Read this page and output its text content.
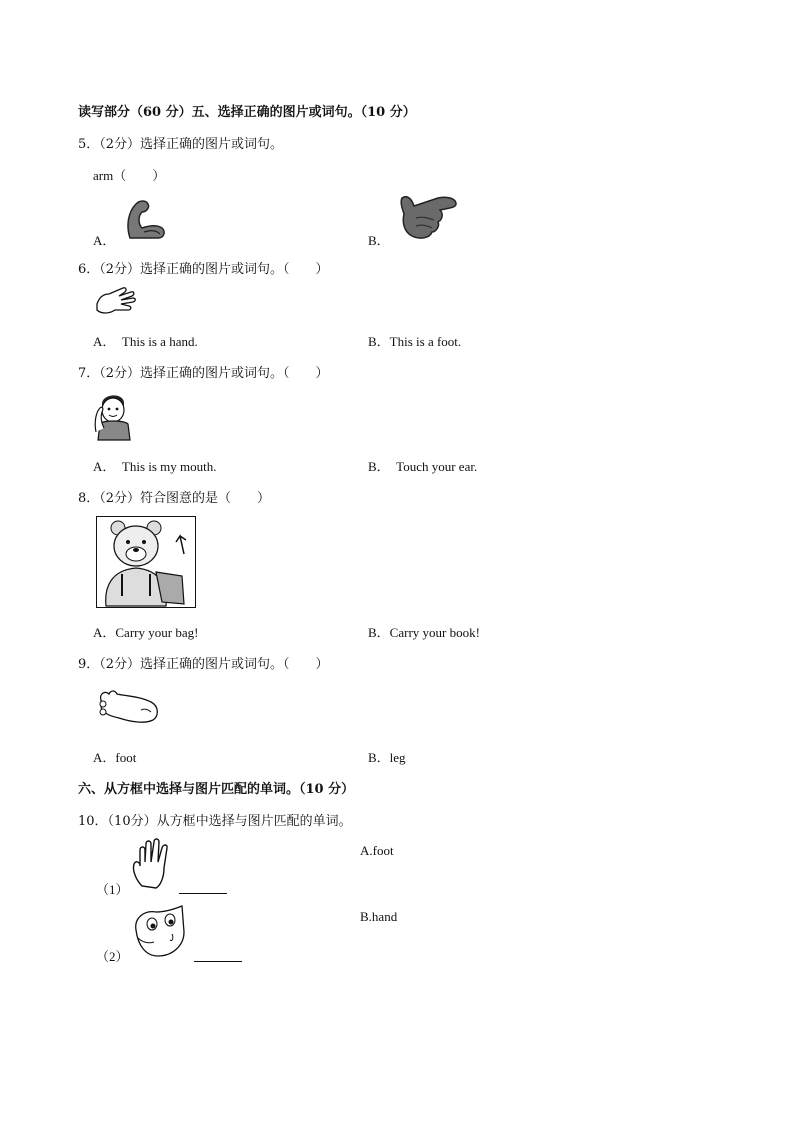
读写部分（60 分）五、选择正确的图片或词句。（10 分）
5．（2分）选择正确的图片或词句。
arm（　　）
A．	B．
6．（2分）选择正确的图片或词句。（　　）
A． This is a hand.	B．This is a foot.
7．（2分）选择正确的图片或词句。（　　）
A． This is my mouth.	B． Touch your ear.
8．（2分）符合图意的是（　　）
A．Carry your bag!	B．Carry your book!
9．（2分）选择正确的图片或词句。（　　）
A．foot	B．leg
六、从方框中选择与图片匹配的单词。（10 分）
10．（10分）从方框中选择与图片匹配的单词。
（1）
A.foot
B.hand
（2）
